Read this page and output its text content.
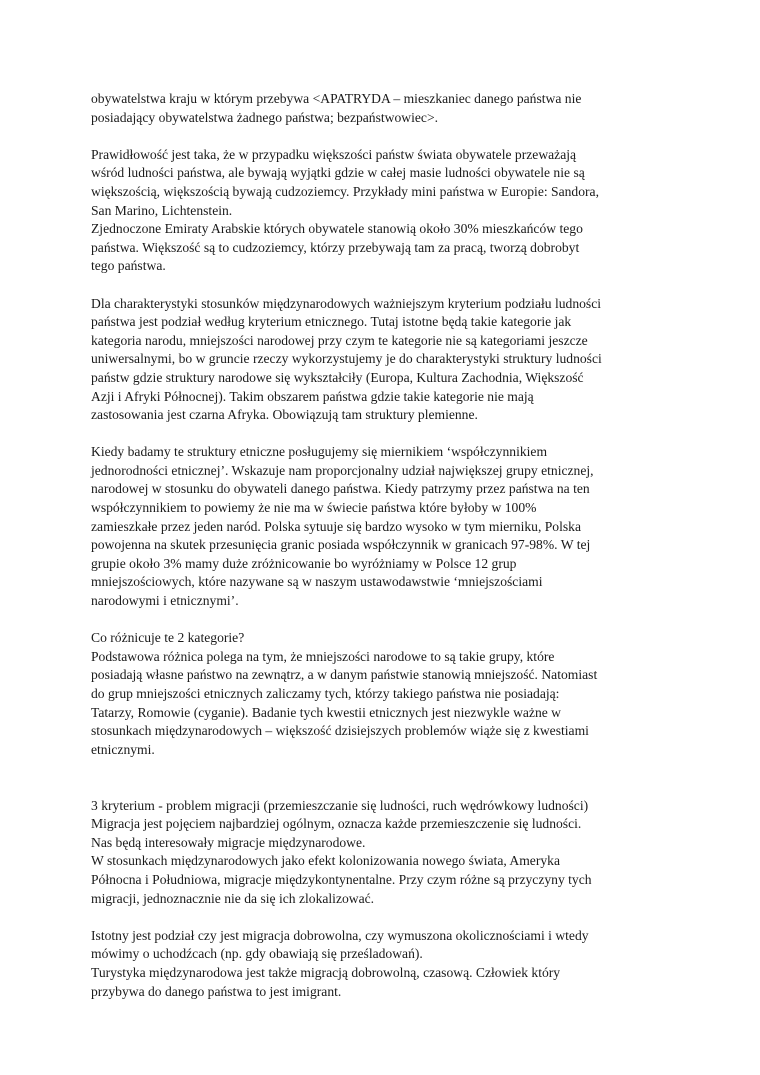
obywatelstwa kraju w którym przebywa <APATRYDA – mieszkaniec danego państwa nie
posiadający obywatelstwa żadnego państwa; bezpaństwowiec>.

Prawidłowość jest taka, że w przypadku większości państw świata obywatele przeważają
wśród ludności państwa, ale bywają wyjątki gdzie w całej masie ludności obywatele nie są
większością, większością bywają cudzoziemcy. Przykłady mini państwa w Europie: Sandora,
San Marino, Lichtenstein.
Zjednoczone Emiraty Arabskie których obywatele stanowią około 30% mieszkańców tego
państwa. Większość są to cudzoziemcy, którzy przebywają tam za pracą, tworzą dobrobyt
tego państwa.

Dla charakterystyki stosunków międzynarodowych ważniejszym kryterium podziału ludności
państwa jest podział według kryterium etnicznego. Tutaj istotne będą takie kategorie jak
kategoria narodu, mniejszości narodowej przy czym te kategorie nie są kategoriami jeszcze
uniwersalnymi, bo w gruncie rzeczy wykorzystujemy je do charakterystyki struktury ludności
państw gdzie struktury narodowe się wykształciły (Europa, Kultura Zachodnia, Większość
Azji i Afryki Północnej). Takim obszarem państwa gdzie takie kategorie nie mają
zastosowania jest czarna Afryka. Obowiązują tam struktury plemienne.

Kiedy badamy te struktury etniczne posługujemy się miernikiem ‘współczynnikiem
jednorodności etnicznej’. Wskazuje nam proporcjonalny udział największej grupy etnicznej,
narodowej w stosunku do obywateli danego państwa. Kiedy patrzymy przez państwa na ten
współczynnikiem to powiemy że nie ma w świecie państwa które byłoby w 100%
zamieszkałe przez jeden naród. Polska sytuuje się bardzo wysoko w tym mierniku, Polska
powojenna na skutek przesunięcia granic posiada współczynnik w granicach 97-98%. W tej
grupie około 3% mamy duże zróżnicowanie bo wyróżniamy w Polsce 12 grup
mniejszościowych, które nazywane są w naszym ustawodawstwie ‘mniejszościami
narodowymi i etnicznymi’.

Co różnicuje te 2 kategorie?
Podstawowa różnica polega na tym, że mniejszości narodowe to są takie grupy, które
posiadają własne państwo na zewnątrz, a w danym państwie stanowią mniejszość. Natomiast
do grup mniejszości etnicznych zaliczamy tych, którzy takiego państwa nie posiadają:
Tatarzy, Romowie (cyganie). Badanie tych kwestii etnicznych jest niezwykle ważne w
stosunkach międzynarodowych – większość dzisiejszych problemów wiąże się z kwestiami
etnicznymi.

3 kryterium - problem migracji (przemieszczanie się ludności, ruch wędrówkowy ludności)
Migracja jest pojęciem najbardziej ogólnym, oznacza każde przemieszczenie się ludności.
Nas będą interesowały migracje międzynarodowe.
W stosunkach międzynarodowych jako efekt kolonizowania nowego świata, Ameryka
Północna i Południowa, migracje międzykontynentalne. Przy czym różne są przyczyny tych
migracji, jednoznacznie nie da się ich zlokalizować.

Istotny jest podział czy jest migracja dobrowolna, czy wymuszona okolicznościami i wtedy
mówimy o uchodźcach (np. gdy obawiają się prześladowań).
Turystyka międzynarodowa jest także migracją dobrowolną, czasową. Człowiek który
przybywa do danego państwa to jest imigrant.
